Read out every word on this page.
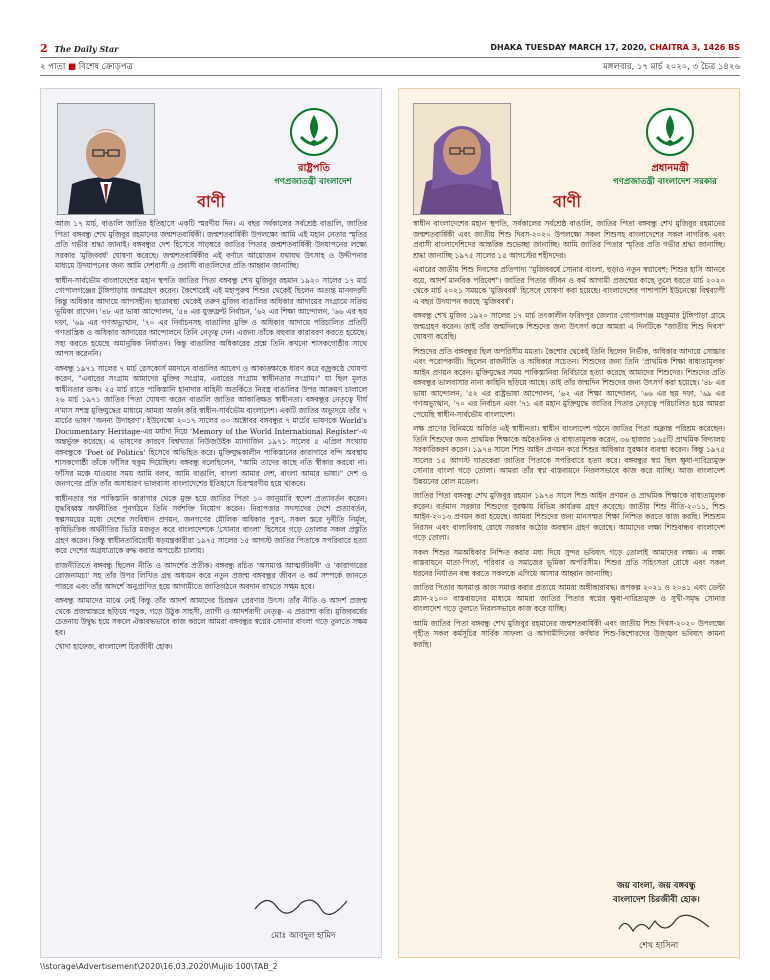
2 The Daily Star	DHAKA TUESDAY MARCH 17, 2020, CHAITRA 3, 1426 BS
২ পাতা ■ বিশেষ ক্রোড়পত্র	মঙ্গলবার, ১৭ মার্চ ২০২০, ৩ চৈত্র ১৪২৬
রাষ্ট্রপতি
গণপ্রজাতন্ত্রী বাংলাদেশ
বাণী

আজ ১৭ মার্চ, বাঙালি জাতির ইতিহাসে একটি স্মরণীয় দিন। এ বছর সর্বকালের সর্বশ্রেষ্ঠ বাঙালি, জাতির পিতা বঙ্গবন্ধু শেখ মুজিবুর রহমানের জন্মশতবার্ষিকী। জন্মশতবার্ষিকী উপলক্ষ্যে আমি এই মহান নেতার স্মৃতির প্রতি গভীর শ্রদ্ধা জানাই। বঙ্গবন্ধুর দেশ হিসেবে সাড়ম্বরে জাতির পিতার জন্মশতবার্ষিকী উদযাপনের লক্ষ্যে সরকার 'মুজিববর্ষ' ঘোষণা করেছে। জন্মশতবার্ষিকীর এই বর্ণাঢ্য আয়োজন যথাযথ উৎসাহ ও উদ্দীপনার মাধ্যমে উদযাপনের জন্য আমি দেশবাসী ও প্রবাসী বাঙালিদের প্রতি আহ্বান জানাচ্ছি।

স্বাধীন-সার্বভৌম বাংলাদেশের মহান স্থপতি জাতির পিতা বঙ্গবন্ধু শেখ মুজিবুর রহমান ১৯২০ সালের ১৭ মার্চ গোপালগঞ্জের টুঙ্গিপাড়ায় জন্মগ্রহণ করেন। কৈশোরেই এই মহাপুরুষ শিশুর থেকেই ছিলেন অত্যন্ত মানবদরদী কিন্তু অধিকার আদায়ে আপসহীন। ছাত্রাবস্থা থেকেই তরুণ মুজিব বাঙালির অধিকার আদায়ের সংগ্রামে সক্রিয় ভূমিকা রাখেন। '৪৮ এর ভাষা আন্দোলন, '৫৪ এর যুক্তফ্রন্ট নির্বাচন, '৬২ এর শিক্ষা আন্দোলন, '৬৬ এর ছয় দফা, '৬৯ এর গণঅভ্যুত্থান, '৭০ এর নির্বাচনসহ বাঙালির মুক্তি ও অধিকার আদায়ে পরিচালিত প্রতিটি গণতান্ত্রিক ও অধিকার আদায়ের আন্দোলনে তিনি নেতৃত্ব দেন। এজন্য তাঁকে বহুবার কারাবরণ করতে হয়েছে। সহ্য করতে হয়েছে অমানুষিক নির্যাতন। কিন্তু বাঙালির অধিকারের প্রশ্নে তিনি কখনো শাসকগোষ্ঠীর সাথে আপস করেননি।

বঙ্গবন্ধু ১৯৭১ সালের ৭ মার্চ রেসকোর্স ময়দানে বাঙালির আবেগ ও আকাঙ্ক্ষাকে ধারণ করে বজ্রকণ্ঠে ঘোষণা করেন, "এবারের সংগ্রাম আমাদের মুক্তির সংগ্রাম, এবারের সংগ্রাম স্বাধীনতার সংগ্রাম।" যা ছিল মূলত স্বাধীনতার ডাক। ২৫ মার্চ রাতে পাকিস্তানি হানাদার বাহিনী অতর্কিতে নিরস্ত্র বাঙালির উপর আক্রমণ চালালে ২৬ মার্চ ১৯৭১ জাতির পিতা ঘোষণা করেন বাঙালি জাতির আকাঙ্ক্ষিত স্বাধীনতা। বঙ্গবন্ধুর নেতৃত্বে দীর্ঘ ন'মাস সশস্ত্র মুক্তিযুদ্ধের মাধ্যমে আমরা অর্জন করি স্বাধীন-সার্বভৌম বাংলাদেশ। একটি জাতির অভ্যুদয়ে তাঁর ৭ মার্চের ভাষণ 'অনন্য উদাহরণ'। ইউনেস্কো ২০১৭ সালের ৩০ অক্টোবর বঙ্গবন্ধুর ৭ মার্চের ভাষণকে World's Documentary Heritage-এর মর্যাদা দিয়ে 'Memory of the World International Register'-এ অন্তর্ভুক্ত করেছে। এ ভাষণের কারণে বিশ্বখ্যাত নিউজউইক ম্যাগাজিন ১৯৭১ সালের ৫ এপ্রিল সংখ্যায় বঙ্গবন্ধুকে 'Poet of Politics' হিসেবে অভিহিত করে। মুক্তিযুদ্ধকালীন পাকিস্তানের কারাগারে বন্দি অবস্থায় শাসকগোষ্ঠী তাঁকে ফাঁসির হুকুম দিয়েছিল। বঙ্গবন্ধু বলেছিলেন, "আমি তাদের কাছে নতি স্বীকার করবো না। ফাঁসির মঞ্চে যাওয়ার সময় আমি বলব, আমি বাঙালি, বাংলা আমার দেশ, বাংলা আমার ভাষা।" দেশ ও জনগণের প্রতি তাঁর অসাধারণ ভালবাসা বাংলাদেশের ইতিহাসে চিরস্মরণীয় হয়ে থাকবে।

স্বাধীনতার পর পাকিস্তানি কারাগার থেকে মুক্ত হয়ে জাতির পিতা ১০ জানুয়ারি স্বদেশ প্রত্যাবর্তন করেন। যুদ্ধবিধ্বস্ত অর্থনীতির পুনর্গঠনে তিনি সর্বশক্তি নিয়োগ করেন। নিরাপত্তার সদস্যদের দেশে প্রত্যাবর্তন, স্বল্পসময়ের মধ্যে দেশের সংবিধান প্রণয়ন, জনগণের মৌলিক অধিকার পূরণ, সকল স্তরে দুর্নীতি নির্মূল, কৃষিভিত্তিক অর্থনীতির ভিত্তি মজবুত করে বাংলাদেশকে 'সোনার বাংলা' হিসেবে গড়ে তোলার সকল প্রস্তুতি গ্রহণ করেন। কিন্তু স্বাধীনতাবিরোধী ষড়যন্ত্রকারীরা ১৯৭৫ সালের ১৫ আগস্ট জাতির পিতাকে সপরিবারে হত্যা করে দেশের অগ্রযাত্রাকে রুদ্ধ করার অপচেষ্টা চালায়।

রাজনীতিতে বঙ্গবন্ধু ছিলেন নীতি ও আদর্শের প্রতীক। বঙ্গবন্ধু রচিত 'অসমাপ্ত আত্মজীবনী' ও 'কারাগারের রোজনামচা' সহ তাঁর উপর লিখিত গ্রন্থ অধ্যয়ন করে নতুন প্রজন্ম বঙ্গবন্ধুর জীবন ও কর্ম সম্পর্কে জানতে পারবে এবং তাঁর আদর্শে অনুপ্রাণিত হয়ে আগামীতে জাতিগঠনে অবদান রাখতে সক্ষম হবে।

বঙ্গবন্ধু আমাদের মাঝে নেই কিন্তু তাঁর আদর্শ আমাদের চিরন্তন প্রেরণার উৎস। তাঁর নীতি ও আদর্শ প্রজন্ম থেকে প্রজন্মান্তরে ছড়িয়ে পড়ুক, গড়ে উঠুক সাহসী, ত্যাগী ও আদর্শবাদী নেতৃত্ব- এ প্রত্যাশা করি। মুজিববর্ষের চেতনায় উদ্বুদ্ধ হয়ে সকলে ঐক্যবদ্ধভাবে কাজ করলে আমরা বঙ্গবন্ধুর স্বপ্নের সোনার বাংলা গড়ে তুলতে সক্ষম হব।

খোদা হাফেজ, বাংলাদেশ চিরজীবী হোক।

মোঃ আবদুল হামিদ
প্রধানমন্ত্রী
গণপ্রজাতন্ত্রী বাংলাদেশ সরকার
বাণী

স্বাধীন বাংলাদেশের মহান স্থপতি, সর্বকালের সর্বশ্রেষ্ঠ বাঙালি, জাতির পিতা বঙ্গবন্ধু শেখ মুজিবুর রহমানের জন্মশতবার্ষিকী এবং জাতীয় শিশু দিবস-২০২০ উপলক্ষ্যে সকল শিশুসহ বাংলাদেশের সকল নাগরিক এবং প্রবাসী বাংলাদেশিদের আন্তরিক শুভেচ্ছা জানাচ্ছি। আমি জাতির পিতার স্মৃতির প্রতি গভীর শ্রদ্ধা জানাচ্ছি। শ্রদ্ধা জানাচ্ছি ১৯৭৫ সালের ১৫ আগস্টের শহীদদের।

এবারের জাতীয় শিশু দিবসের প্রতিপাদ্য "মুজিববর্ষে সোনার বাংলা, ছড়াও নতুন স্বপ্নাবেশ; শিশুর হাসি আনবে বয়ে, আদর্শ মানবিক পরিবেশ"। জাতির পিতার জীবন ও কর্ম আগামী প্রজন্মের কাছে তুলে ধরতে মার্চ ২০২০ থেকে মার্চ ২০২১ সময়কে 'মুজিববর্ষ' হিসেবে ঘোষণা করা হয়েছে। বাংলাদেশের পাশাপাশি ইউনেস্কো বিশ্বব্যাপী এ বছর উদযাপন করছে 'মুজিববর্ষ'।

বঙ্গবন্ধু শেখ মুজিব ১৯২০ সালের ১৭ মার্চ তৎকালীন ফরিদপুর জেলার গোপালগঞ্জ মহকুমার টুঙ্গিপাড়া গ্রামে জন্মগ্রহণ করেন। তাই তাঁর জন্মদিনকে শিশুদের জন্য উৎসর্গ করে আমরা এ দিনটিকে "জাতীয় শিশু দিবস" ঘোষণা করেছি।

শিশুদের প্রতি বঙ্গবন্ধুর ছিল অপরিসীম মমতা। কৈশোর থেকেই তিনি ছিলেন নির্ভীক, অধিকার আদায়ে সোচ্চার এবং পরোপকারী। ছিলেন রাজনীতি ও অধিকার সচেতন। শিশুদের জন্য তিনি 'প্রাথমিক শিক্ষা বাধ্যতামূলক' আইন প্রণয়ন করেন। মুক্তিযুদ্ধের সময় পাকিস্তানিরা নির্বিচারে হত্যা করেছে আমাদের শিশুদের। শিশুদের প্রতি বঙ্গবন্ধুর ভালবাসার নানা কাহিনি ছড়িয়ে আছে। তাই তাঁর জন্মদিন শিশুদের জন্য উৎসর্গ করা হয়েছে। '৪৮ এর ভাষা আন্দোলন, '৫২ এর রাষ্ট্রভাষা আন্দোলন, '৬২ এর শিক্ষা আন্দোলন, '৬৬ এর ছয় দফা, '৬৯ এর গণঅভ্যুত্থান, '৭০ এর নির্বাচন এবং '৭১ এর মহান মুক্তিযুদ্ধে জাতির পিতার নেতৃত্বে পরিচালিত হয়ে আমরা পেয়েছি স্বাধীন-সার্বভৌম বাংলাদেশ।

লক্ষ প্রাণের বিনিময়ে অর্জিত এই স্বাধীনতা। স্বাধীন বাংলাদেশ গঠনে জাতির পিতা অক্লান্ত পরিশ্রম করেছেন। তিনি শিশুদের জন্য প্রাথমিক শিক্ষাকে অবৈতনিক ও বাধ্যতামূলক করেন, ৩৬ হাজার ১৬৫টি প্রাথমিক বিদ্যালয় সরকারিকরণ করেন। ১৯৭৪ সালে শিশু আইন প্রণয়ন করে শিশুর অধিকার সুরক্ষার ব্যবস্থা করেন। কিন্তু ১৯৭৫ সালের ১৫ আগস্ট ঘাতকেরা জাতির পিতাকে সপরিবারে হত্যা করে। বঙ্গবন্ধুর স্বপ্ন ছিল ক্ষুধা-দারিদ্র্যমুক্ত সোনার বাংলা গড়ে তোলা। আমরা তাঁর স্বপ্ন বাস্তবায়নে নিরলসভাবে কাজ করে যাচ্ছি। আজ বাংলাদেশ উন্নয়নের রোল মডেল।

জাতির পিতা বঙ্গবন্ধু শেখ মুজিবুর রহমান ১৯৭৪ সালে শিশু আইন প্রণয়ন ও প্রাথমিক শিক্ষাকে বাধ্যতামূলক করেন। বর্তমান সরকার শিশুদের সুরক্ষায় বিভিন্ন কার্যক্রম গ্রহণ করেছে। জাতীয় শিশু নীতি-২০১১, শিশু আইন-২০১৩ প্রণয়ন করা হয়েছে। আমরা শিশুদের জন্য মানসম্মত শিক্ষা নিশ্চিত করতে কাজ করছি। শিশুশ্রম নিরসন এবং বাল্যবিবাহ রোধে সরকার কঠোর অবস্থান গ্রহণ করেছে। আমাদের লক্ষ্য শিশুবান্ধব বাংলাদেশ গড়ে তোলা।

সকল শিশুর সমঅধিকার নিশ্চিত করার মধ্য দিয়ে সুন্দর ভবিষ্যৎ গড়ে তোলাই আমাদের লক্ষ্য। এ লক্ষ্য বাস্তবায়নে মাতা-পিতা, পরিবার ও সমাজের ভূমিকা অপরিসীম। শিশুর প্রতি সহিংসতা রোধে এবং সকল ধরনের নির্যাতন বন্ধ করতে সকলকে এগিয়ে আসার আহ্বান জানাচ্ছি।

জাতির পিতার অসমাপ্ত কাজ সমাপ্ত করার প্রত্যয়ে আমরা অঙ্গীকারাবদ্ধ। রূপকল্প ২০২১ ও ২০৪১ এবং ডেল্টা প্ল্যান-২১০০ বাস্তবায়নের মাধ্যমে আমরা জাতির পিতার স্বপ্নের ক্ষুধা-দারিদ্র্যমুক্ত ও সুখী-সমৃদ্ধ সোনার বাংলাদেশ গড়ে তুলতে নিরলসভাবে কাজ করে যাচ্ছি।

আমি জাতির পিতা বঙ্গবন্ধু শেখ মুজিবুর রহমানের জন্মশতবার্ষিকী এবং জাতীয় শিশু দিবস-২০২০ উপলক্ষ্যে গৃহীত সকল কর্মসূচির সার্বিক সাফল্য ও আগামীদিনের কর্ণধার শিশু-কিশোরদের উজ্জ্বল ভবিষ্যৎ কামনা করছি।

জয় বাংলা, জয় বঙ্গবন্ধু
বাংলাদেশ চিরজীবী হোক।
শেখ হাসিনা
\\storage\Advertisement\2020\16.03.2020\Mujib 100\TAB_2
